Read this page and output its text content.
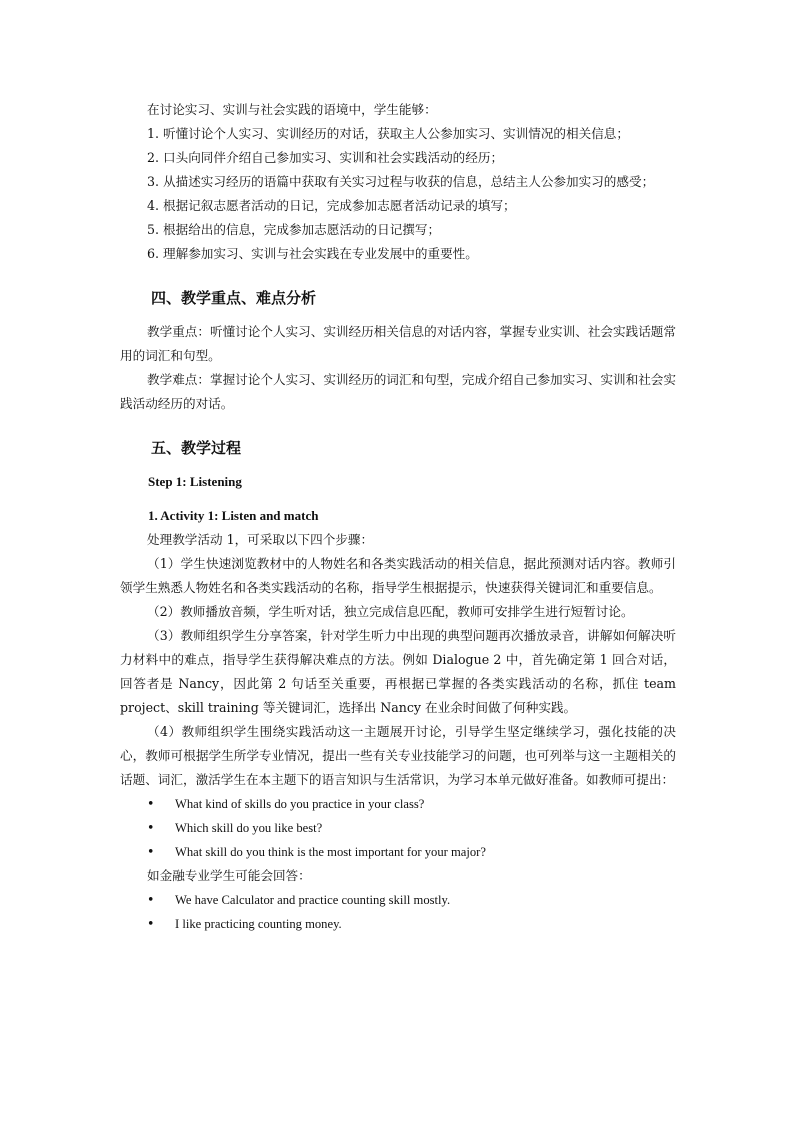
在讨论实习、实训与社会实践的语境中，学生能够：
1. 听懂讨论个人实习、实训经历的对话，获取主人公参加实习、实训情况的相关信息；
2. 口头向同伴介绍自己参加实习、实训和社会实践活动的经历；
3. 从描述实习经历的语篇中获取有关实习过程与收获的信息，总结主人公参加实习的感受；
4. 根据记叙志愿者活动的日记，完成参加志愿者活动记录的填写；
5. 根据给出的信息，完成参加志愿活动的日记撰写；
6. 理解参加实习、实训与社会实践在专业发展中的重要性。
四、教学重点、难点分析
教学重点：听懂讨论个人实习、实训经历相关信息的对话内容，掌握专业实训、社会实践话题常用的词汇和句型。
教学难点：掌握讨论个人实习、实训经历的词汇和句型，完成介绍自己参加实习、实训和社会实践活动经历的对话。
五、教学过程
Step 1: Listening
1. Activity 1: Listen and match
处理教学活动 1，可采取以下四个步骤：
（1）学生快速浏览教材中的人物姓名和各类实践活动的相关信息，据此预测对话内容。教师引领学生熟悉人物姓名和各类实践活动的名称，指导学生根据提示，快速获得关键词汇和重要信息。
（2）教师播放音频，学生听对话，独立完成信息匹配，教师可安排学生进行短暂讨论。
（3）教师组织学生分享答案，针对学生听力中出现的典型问题再次播放录音，讲解如何解决听力材料中的难点，指导学生获得解决难点的方法。例如 Dialogue 2 中，首先确定第 1 回合对话，回答者是 Nancy，因此第 2 句话至关重要，再根据已掌握的各类实践活动的名称，抓住 team project、skill training 等关键词汇，选择出 Nancy 在业余时间做了何种实践。
（4）教师组织学生围绕实践活动这一主题展开讨论，引导学生坚定继续学习，强化技能的决心，教师可根据学生所学专业情况，提出一些有关专业技能学习的问题，也可列举与这一主题相关的话题、词汇，激活学生在本主题下的语言知识与生活常识，为学习本单元做好准备。如教师可提出：
•	What kind of skills do you practice in your class?
•	Which skill do you like best?
•	What skill do you think is the most important for your major?
如金融专业学生可能会回答：
•	We have Calculator and practice counting skill mostly.
•	I like practicing counting money.
